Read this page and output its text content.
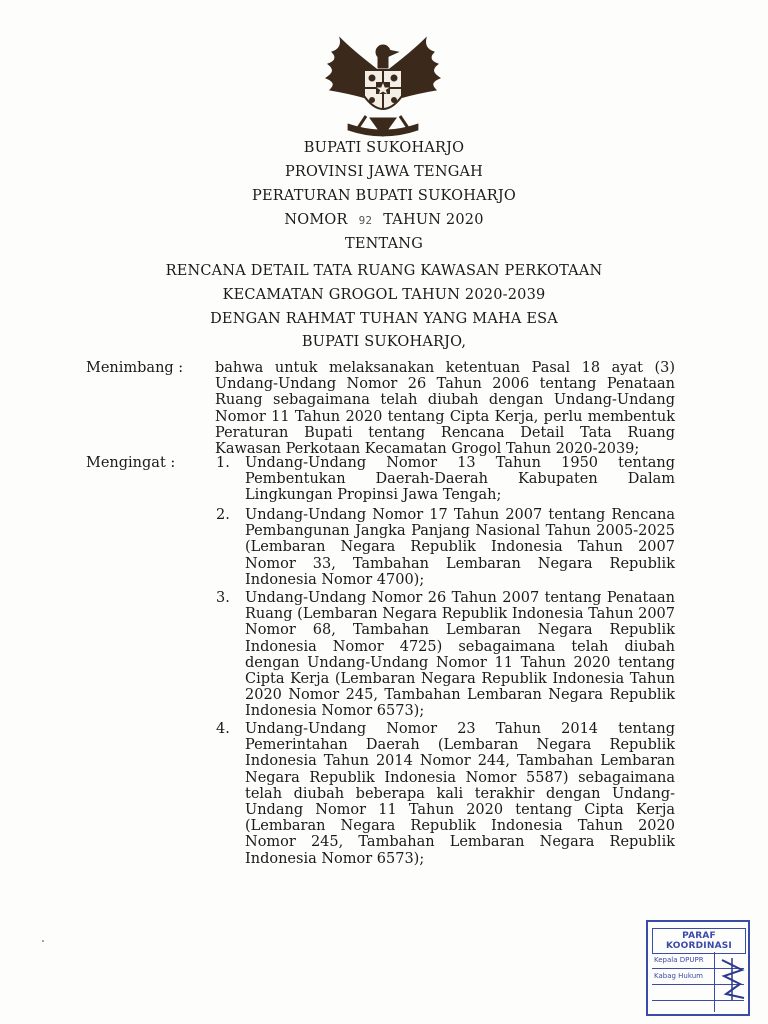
BUPATI SUKOHARJO
PROVINSI JAWA TENGAH
PERATURAN BUPATI SUKOHARJO
NOMOR 92 TAHUN 2020
TENTANG
RENCANA DETAIL TATA RUANG KAWASAN PERKOTAAN
KECAMATAN GROGOL TAHUN 2020-2039
DENGAN RAHMAT TUHAN YANG MAHA ESA
BUPATI SUKOHARJO,
Menimbang : bahwa untuk melaksanakan ketentuan Pasal 18 ayat (3) Undang-Undang Nomor 26 Tahun 2006 tentang Penataan Ruang sebagaimana telah diubah dengan Undang-Undang Nomor 11 Tahun 2020 tentang Cipta Kerja, perlu membentuk Peraturan Bupati tentang Rencana Detail Tata Ruang Kawasan Perkotaan Kecamatan Grogol Tahun 2020-2039;
Mengingat :	1. Undang-Undang Nomor 13 Tahun 1950 tentang Pembentukan Daerah-Daerah Kabupaten Dalam Lingkungan Propinsi Jawa Tengah;
2. Undang-Undang Nomor 17 Tahun 2007 tentang Rencana Pembangunan Jangka Panjang Nasional Tahun 2005-2025 (Lembaran Negara Republik Indonesia Tahun 2007 Nomor 33, Tambahan Lembaran Negara Republik Indonesia Nomor 4700);
3. Undang-Undang Nomor 26 Tahun 2007 tentang Penataan Ruang (Lembaran Negara Republik Indonesia Tahun 2007 Nomor 68, Tambahan Lembaran Negara Republik Indonesia Nomor 4725) sebagaimana telah diubah dengan Undang-Undang Nomor 11 Tahun 2020 tentang Cipta Kerja (Lembaran Negara Republik Indonesia Tahun 2020 Nomor 245, Tambahan Lembaran Negara Republik Indonesia Nomor 6573);
4. Undang-Undang Nomor 23 Tahun 2014 tentang Pemerintahan Daerah (Lembaran Negara Republik Indonesia Tahun 2014 Nomor 244, Tambahan Lembaran Negara Republik Indonesia Nomor 5587) sebagaimana telah diubah beberapa kali terakhir dengan Undang-Undang Nomor 11 Tahun 2020 tentang Cipta Kerja (Lembaran Negara Republik Indonesia Tahun 2020 Nomor 245, Tambahan Lembaran Negara Republik Indonesia Nomor 6573);
PARAF KOORDINASI
Kepala DPUPR
Kabag Hukum
